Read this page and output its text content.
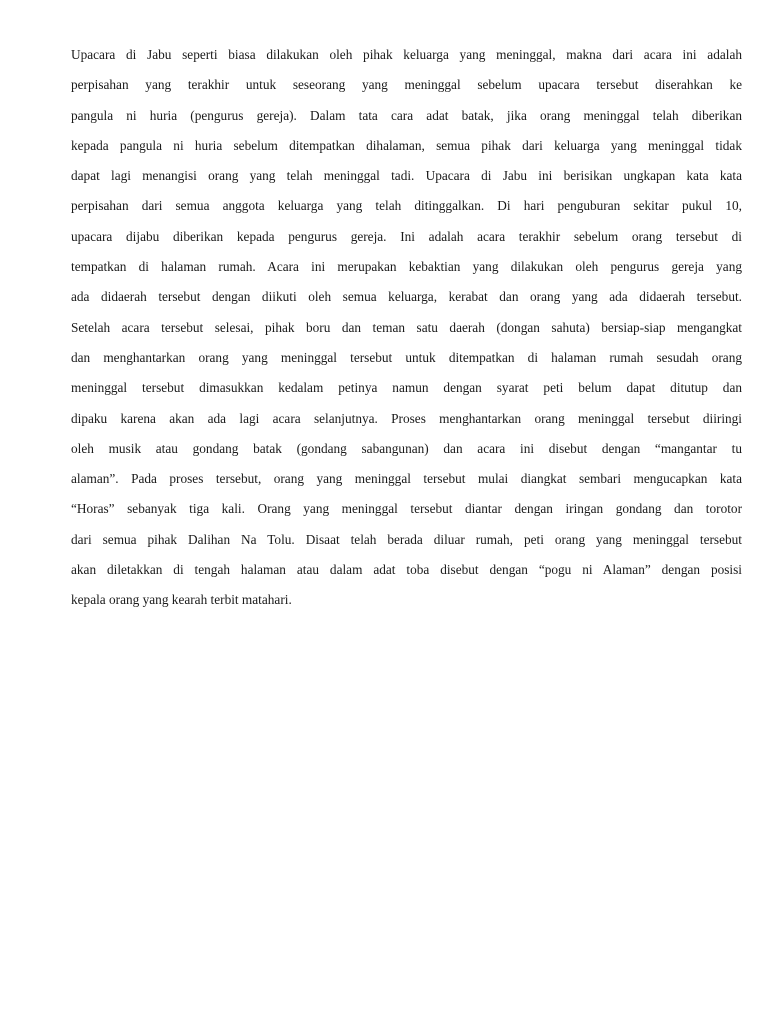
Upacara di Jabu seperti biasa dilakukan oleh pihak keluarga yang meninggal, makna dari acara ini adalah
perpisahan yang terakhir untuk seseorang yang meninggal sebelum upacara tersebut diserahkan ke
pangula ni huria (pengurus gereja). Dalam tata cara adat batak, jika orang meninggal telah diberikan
kepada pangula ni huria sebelum ditempatkan dihalaman, semua pihak dari keluarga yang meninggal tidak
dapat lagi menangisi orang yang telah meninggal tadi. Upacara di Jabu ini berisikan ungkapan kata kata
perpisahan dari semua anggota keluarga yang telah ditinggalkan. Di hari penguburan sekitar pukul 10,
upacara dijabu diberikan kepada pengurus gereja. Ini adalah acara terakhir sebelum orang tersebut di
tempatkan di halaman rumah. Acara ini merupakan kebaktian yang dilakukan oleh pengurus gereja yang
ada didaerah tersebut dengan diikuti oleh semua keluarga, kerabat dan orang yang ada didaerah tersebut.
Setelah acara tersebut selesai, pihak boru dan teman satu daerah (dongan sahuta) bersiap-siap mengangkat
dan menghantarkan orang yang meninggal tersebut untuk ditempatkan di halaman rumah sesudah orang
meninggal tersebut dimasukkan kedalam petinya namun dengan syarat peti belum dapat ditutup dan
dipaku karena akan ada lagi acara selanjutnya. Proses menghantarkan orang meninggal tersebut diiringi
oleh musik atau gondang batak (gondang sabangunan) dan acara ini disebut dengan “mangantar tu
alaman”. Pada proses tersebut, orang yang meninggal tersebut mulai diangkat sembari mengucapkan kata
“Horas” sebanyak tiga kali. Orang yang meninggal tersebut diantar dengan iringan gondang dan torotor
dari semua pihak Dalihan Na Tolu. Disaat telah berada diluar rumah, peti orang yang meninggal tersebut
akan diletakkan di tengah halaman atau dalam adat toba disebut dengan “pogu ni Alaman” dengan posisi
kepala orang yang kearah terbit matahari.
